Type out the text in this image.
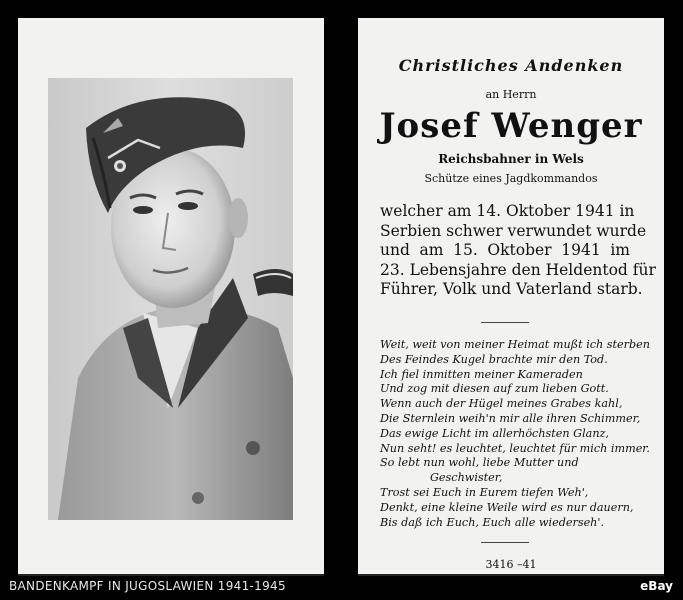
Christliches Andenken
an Herrn
Josef Wenger
Reichsbahner in Wels
Schütze eines Jagdkommandos
welcher am 14. Oktober 1941 in
Serbien schwer verwundet wurde
und am 15. Oktober 1941 im
23. Lebensjahre den Heldentod für
Führer, Volk und Vaterland starb.
Weit, weit von meiner Heimat mußt ich sterben
Des Feindes Kugel brachte mir den Tod.
Ich fiel inmitten meiner Kameraden
Und zog mit diesen auf zum lieben Gott.
Wenn auch der Hügel meines Grabes kahl,
Die Sternlein weih'n mir alle ihren Schimmer,
Das ewige Licht im allerhöchsten Glanz,
Nun seht! es leuchtet, leuchtet für mich immer.
So lebt nun wohl, liebe Mutter und
Geschwister,
Trost sei Euch in Eurem tiefen Weh',
Denkt, eine kleine Weile wird es nur dauern,
Bis daß ich Euch, Euch alle wiederseh'.
3416 –41
BANDENKAMPF IN JUGOSLAWIEN 1941-1945	eBay
